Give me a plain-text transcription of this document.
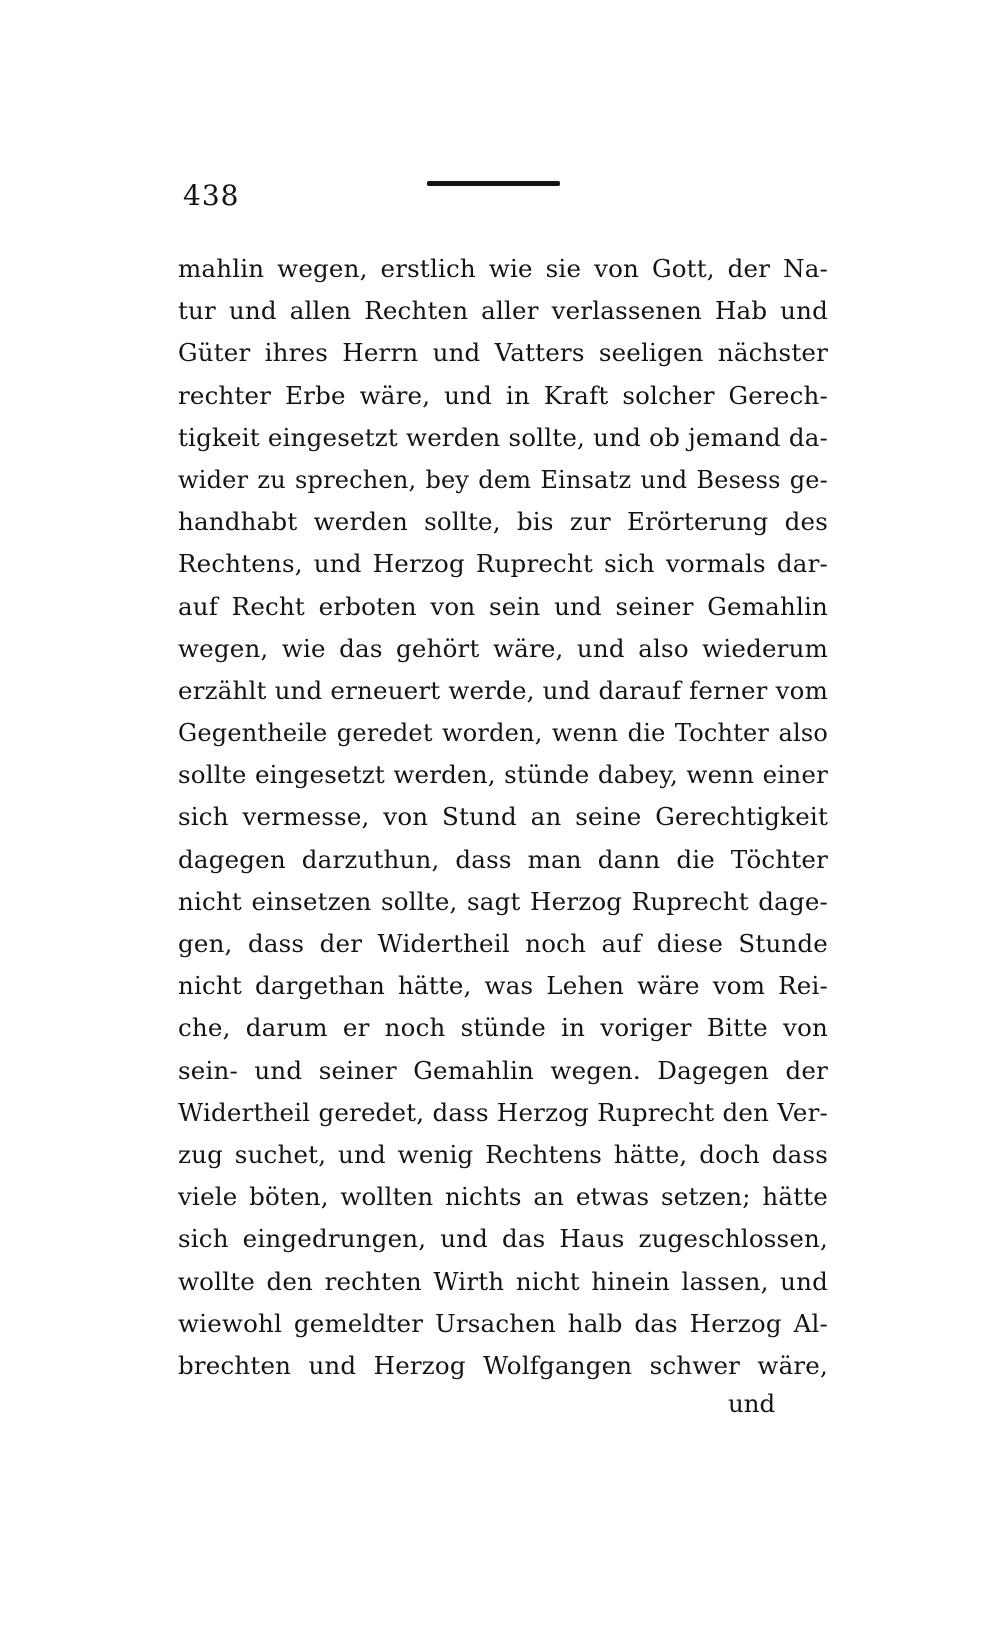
438
mahlin wegen, erstlich wie sie von Gott, der Na-
tur und allen Rechten aller verlassenen Hab und
Güter ihres Herrn und Vatters seeligen nächster
rechter Erbe wäre, und in Kraft solcher Gerech-
tigkeit eingesetzt werden sollte, und ob jemand da-
wider zu sprechen, bey dem Einsatz und Besess ge-
handhabt werden sollte, bis zur Erörterung des
Rechtens, und Herzog Ruprecht sich vormals dar-
auf Recht erboten von sein und seiner Gemahlin
wegen, wie das gehört wäre, und also wiederum
erzählt und erneuert werde, und darauf ferner vom
Gegentheile geredet worden, wenn die Tochter also
sollte eingesetzt werden, stünde dabey, wenn einer
sich vermesse, von Stund an seine Gerechtigkeit
dagegen darzuthun, dass man dann die Töchter
nicht einsetzen sollte, sagt Herzog Ruprecht dage-
gen, dass der Widertheil noch auf diese Stunde
nicht dargethan hätte, was Lehen wäre vom Rei-
che, darum er noch stünde in voriger Bitte von
sein- und seiner Gemahlin wegen. Dagegen der
Widertheil geredet, dass Herzog Ruprecht den Ver-
zug suchet, und wenig Rechtens hätte, doch dass
viele böten, wollten nichts an etwas setzen; hätte
sich eingedrungen, und das Haus zugeschlossen,
wollte den rechten Wirth nicht hinein lassen, und
wiewohl gemeldter Ursachen halb das Herzog Al-
brechten und Herzog Wolfgangen schwer wäre,
und
